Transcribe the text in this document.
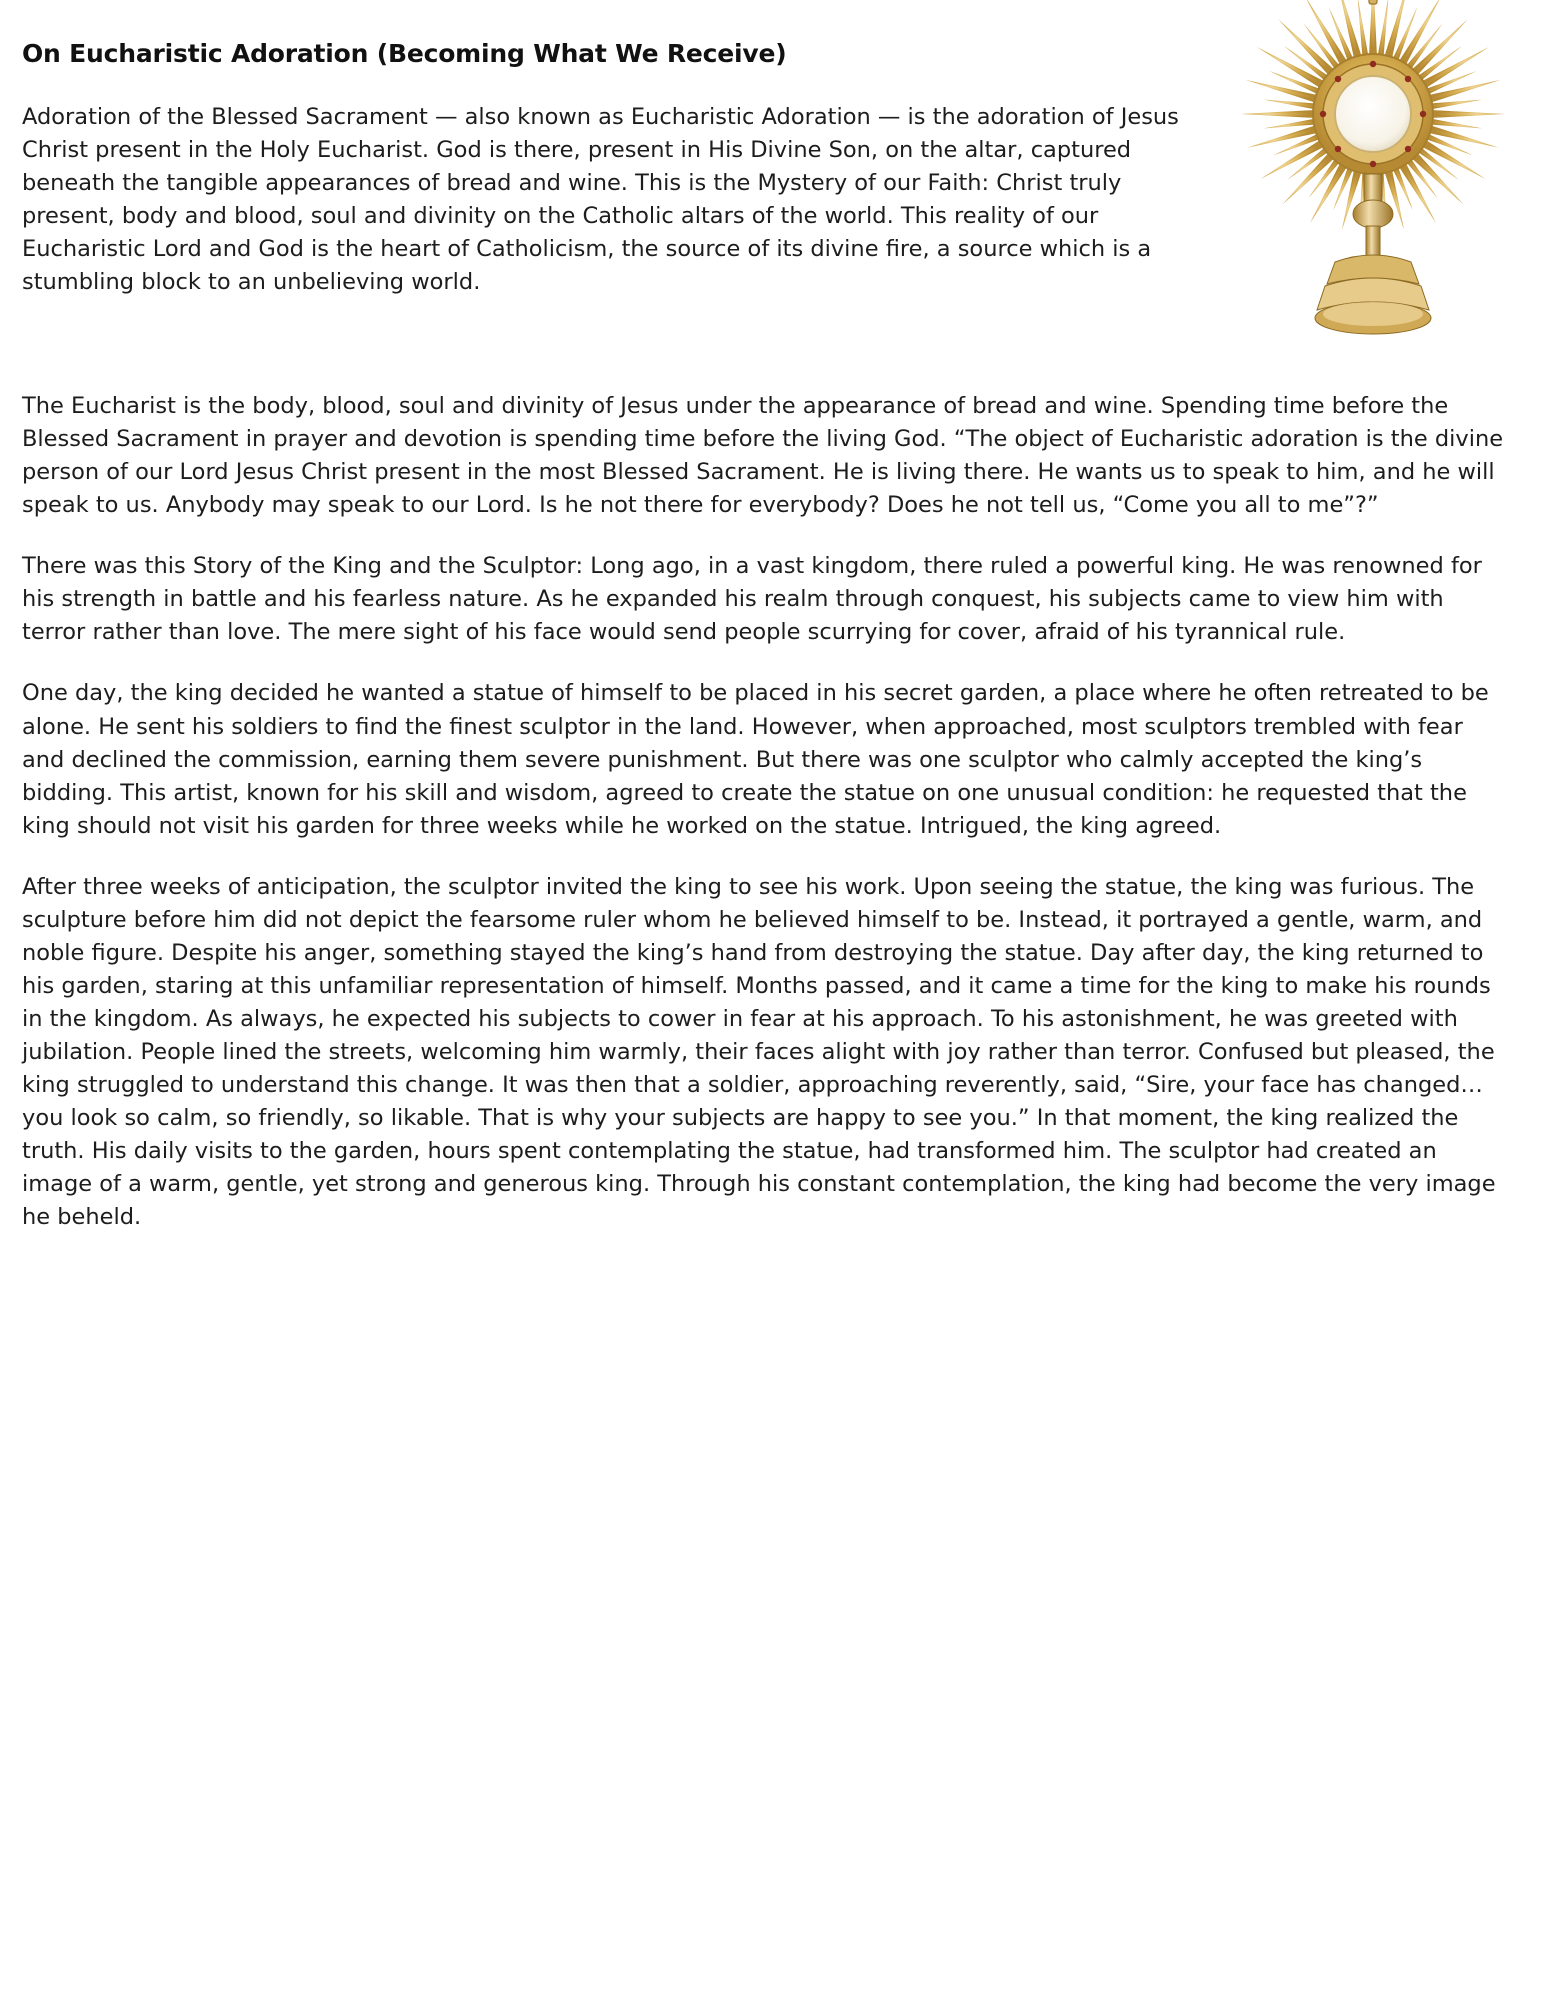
On Eucharistic Adoration (Becoming What We Receive)

Adoration of the Blessed Sacrament — also known as Eucharistic Adoration — is the adoration of Jesus Christ present in the Holy Eucharist. God is there, present in His Divine Son, on the altar, captured beneath the tangible appearances of bread and wine. This is the Mystery of our Faith: Christ truly present, body and blood, soul and divinity on the Catholic altars of the world. This reality of our Eucharistic Lord and God is the heart of Catholicism, the source of its divine fire, a source which is a stumbling block to an unbelieving world.

The Eucharist is the body, blood, soul and divinity of Jesus under the appearance of bread and wine. Spending time before the Blessed Sacrament in prayer and devotion is spending time before the living God. “The object of Eucharistic adoration is the divine person of our Lord Jesus Christ present in the most Blessed Sacrament. He is living there. He wants us to speak to him, and he will speak to us. Anybody may speak to our Lord. Is he not there for everybody? Does he not tell us, “Come you all to me”?”

There was this Story of the King and the Sculptor: Long ago, in a vast kingdom, there ruled a powerful king. He was renowned for his strength in battle and his fearless nature. As he expanded his realm through conquest, his subjects came to view him with terror rather than love. The mere sight of his face would send people scurrying for cover, afraid of his tyrannical rule.

One day, the king decided he wanted a statue of himself to be placed in his secret garden, a place where he often retreated to be alone. He sent his soldiers to find the finest sculptor in the land. However, when approached, most sculptors trembled with fear and declined the commission, earning them severe punishment. But there was one sculptor who calmly accepted the king’s bidding. This artist, known for his skill and wisdom, agreed to create the statue on one unusual condition: he requested that the king should not visit his garden for three weeks while he worked on the statue. Intrigued, the king agreed.

After three weeks of anticipation, the sculptor invited the king to see his work. Upon seeing the statue, the king was furious. The sculpture before him did not depict the fearsome ruler whom he believed himself to be. Instead, it portrayed a gentle, warm, and noble figure. Despite his anger, something stayed the king’s hand from destroying the statue. Day after day, the king returned to his garden, staring at this unfamiliar representation of himself. Months passed, and it came a time for the king to make his rounds in the kingdom. As always, he expected his subjects to cower in fear at his approach. To his astonishment, he was greeted with jubilation. People lined the streets, welcoming him warmly, their faces alight with joy rather than terror. Confused but pleased, the king struggled to understand this change. It was then that a soldier, approaching reverently, said, “Sire, your face has changed… you look so calm, so friendly, so likable. That is why your subjects are happy to see you.” In that moment, the king realized the truth. His daily visits to the garden, hours spent contemplating the statue, had transformed him. The sculptor had created an image of a warm, gentle, yet strong and generous king. Through his constant contemplation, the king had become the very image he beheld.
